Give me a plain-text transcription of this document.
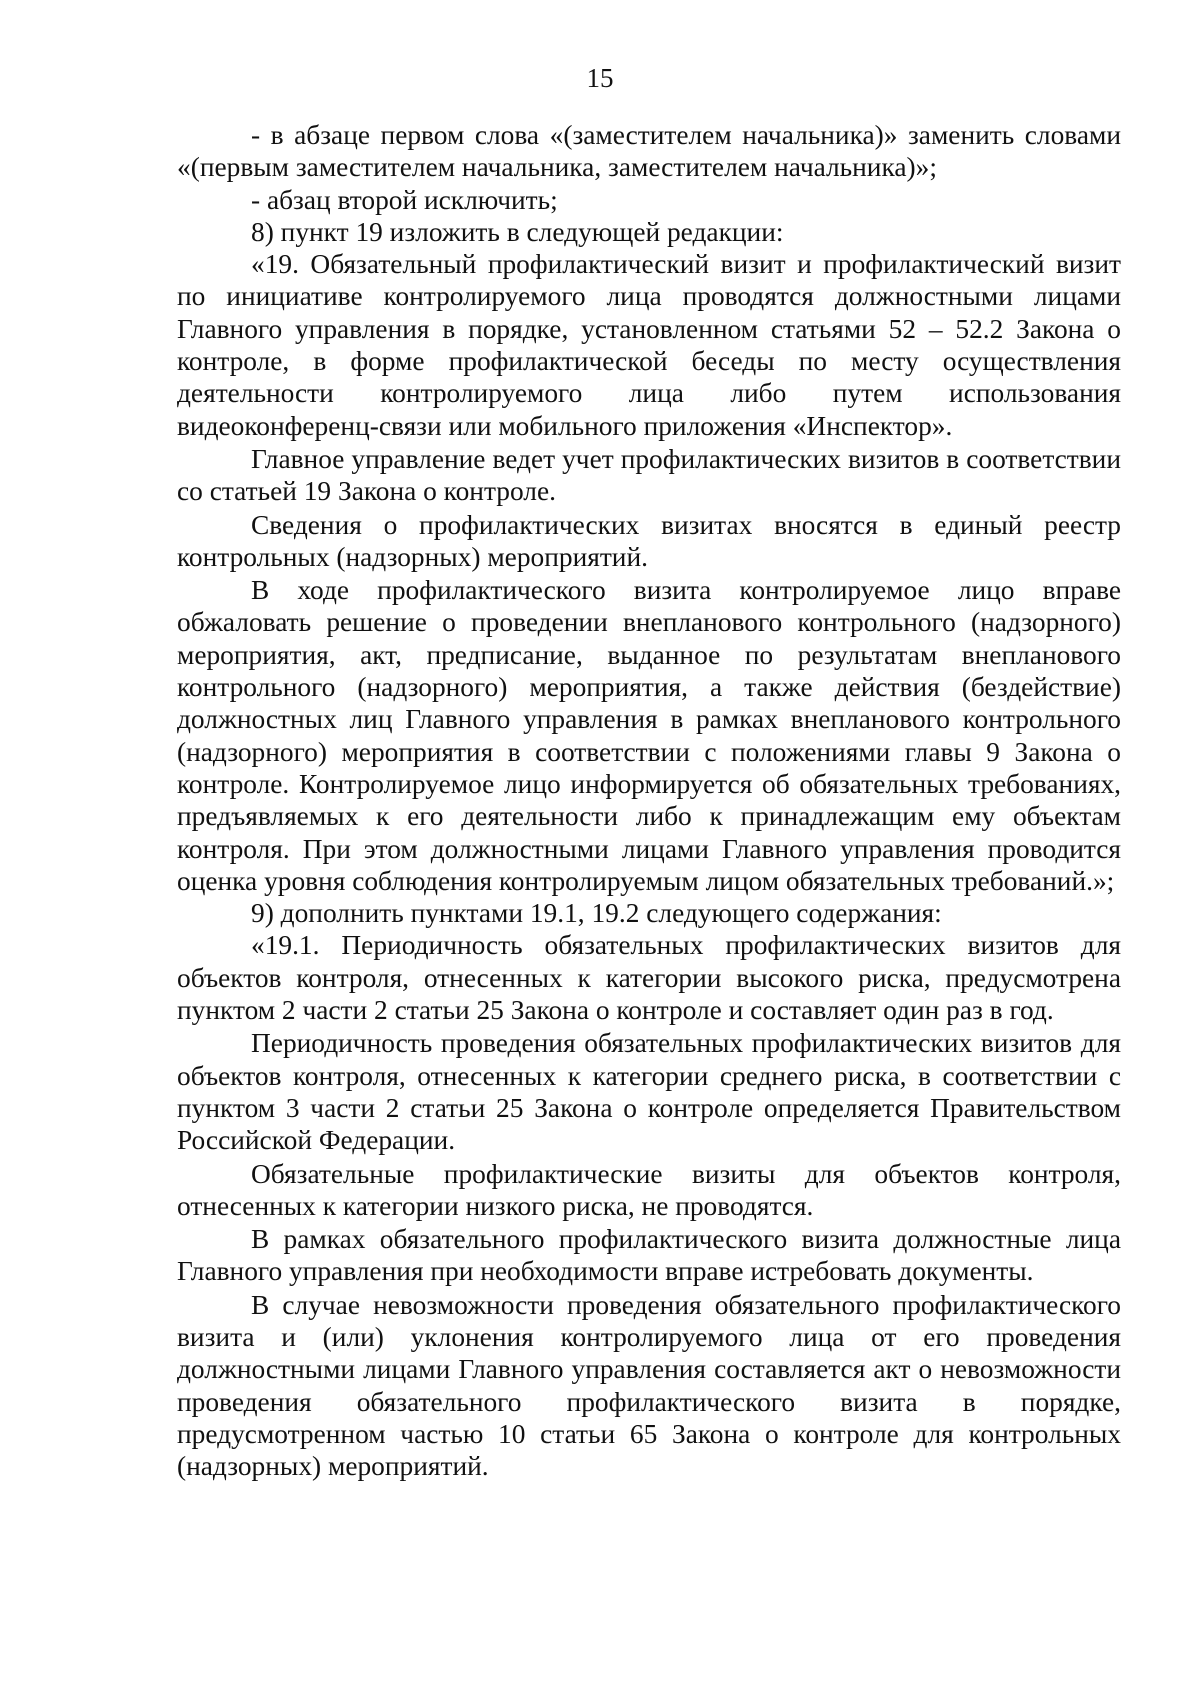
15

- в абзаце первом слова «(заместителем начальника)» заменить словами «(первым заместителем начальника, заместителем начальника)»;

- абзац второй исключить;

8) пункт 19 изложить в следующей редакции:

«19. Обязательный профилактический визит и профилактический визит по инициативе контролируемого лица проводятся должностными лицами Главного управления в порядке, установленном статьями 52 – 52.2 Закона о контроле, в форме профилактической беседы по месту осуществления деятельности контролируемого лица либо путем использования видеоконференц-связи или мобильного приложения «Инспектор».

Главное управление ведет учет профилактических визитов в соответствии со статьей 19 Закона о контроле.

Сведения о профилактических визитах вносятся в единый реестр контрольных (надзорных) мероприятий.

В ходе профилактического визита контролируемое лицо вправе обжаловать решение о проведении внепланового контрольного (надзорного) мероприятия, акт, предписание, выданное по результатам внепланового контрольного (надзорного) мероприятия, а также действия (бездействие) должностных лиц Главного управления в рамках внепланового контрольного (надзорного) мероприятия в соответствии с положениями главы 9 Закона о контроле. Контролируемое лицо информируется об обязательных требованиях, предъявляемых к его деятельности либо к принадлежащим ему объектам контроля. При этом должностными лицами Главного управления проводится оценка уровня соблюдения контролируемым лицом обязательных требований.»;

9) дополнить пунктами 19.1, 19.2 следующего содержания:

«19.1. Периодичность обязательных профилактических визитов для объектов контроля, отнесенных к категории высокого риска, предусмотрена пунктом 2 части 2 статьи 25 Закона о контроле и составляет один раз в год.

Периодичность проведения обязательных профилактических визитов для объектов контроля, отнесенных к категории среднего риска, в соответствии с пунктом 3 части 2 статьи 25 Закона о контроле определяется Правительством Российской Федерации.

Обязательные профилактические визиты для объектов контроля, отнесенных к категории низкого риска, не проводятся.

В рамках обязательного профилактического визита должностные лица Главного управления при необходимости вправе истребовать документы.

В случае невозможности проведения обязательного профилактического визита и (или) уклонения контролируемого лица от его проведения должностными лицами Главного управления составляется акт о невозможности проведения обязательного профилактического визита в порядке, предусмотренном частью 10 статьи 65 Закона о контроле для контрольных (надзорных) мероприятий.
